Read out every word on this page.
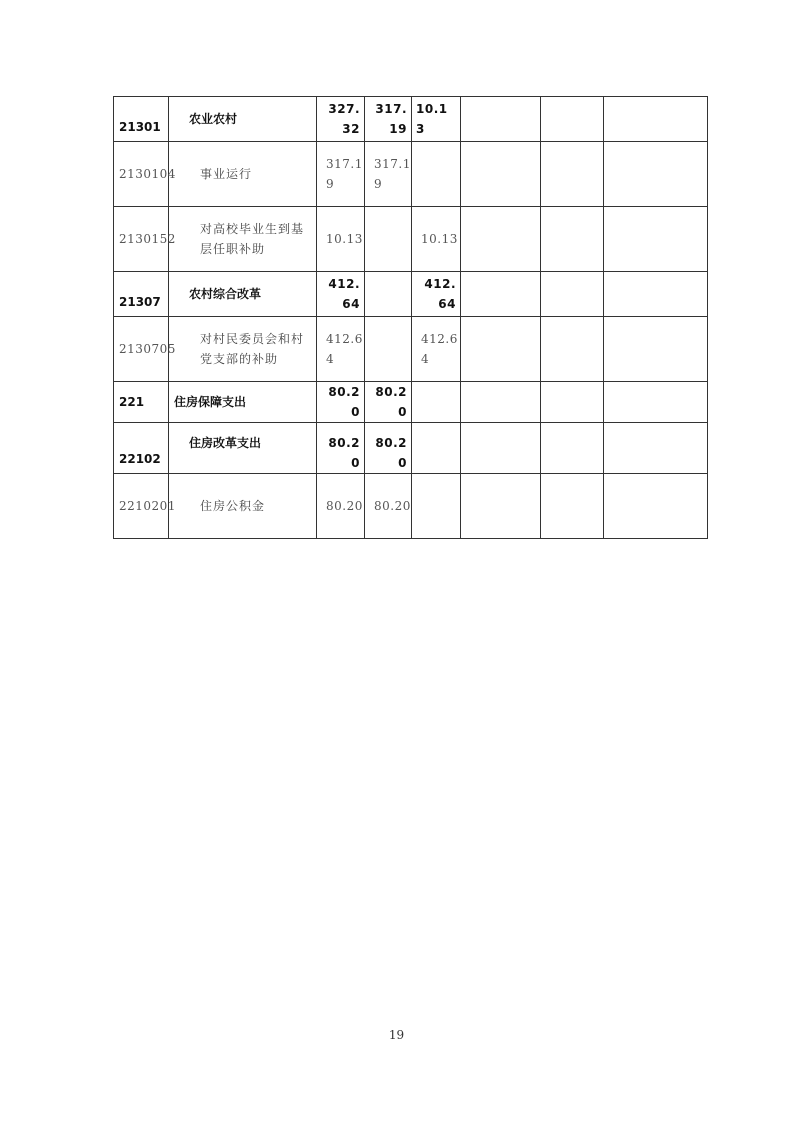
21301	农业农村	327.32	317.19	10.13			
2130104	事业运行	317.19	317.19				
2130152	对高校毕业生到基层任职补助	10.13		10.13			
21307	农村综合改革	412.64		412.64			
2130705	对村民委员会和村党支部的补助	412.64		412.64			
221	住房保障支出	80.20	80.20				
22102	住房改革支出	80.20	80.20				
2210201	住房公积金	80.20	80.20				
19
